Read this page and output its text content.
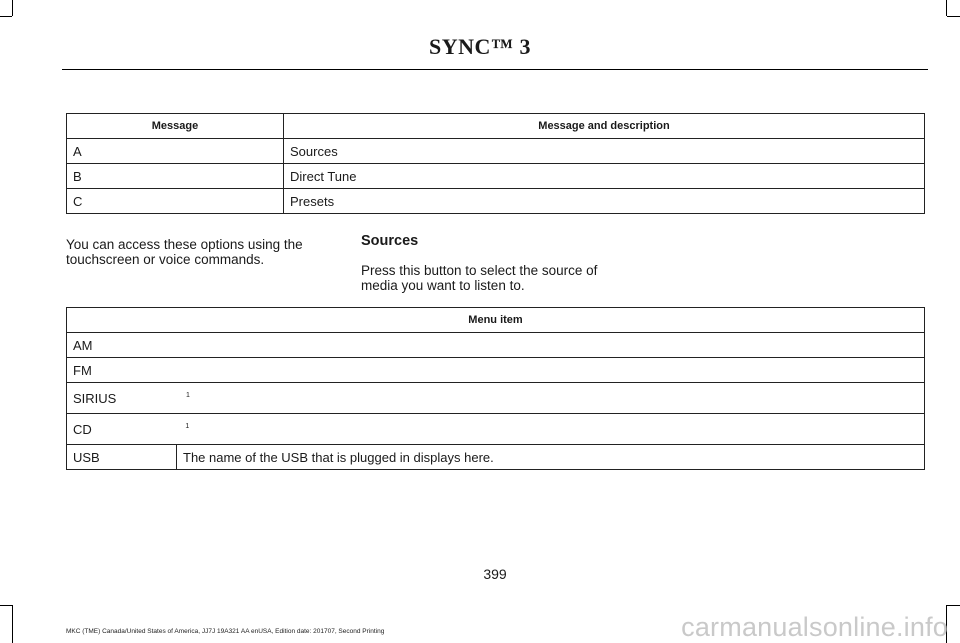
SYNC™ 3
Message	Message and description
A	Sources
B	Direct Tune
C	Presets
You can access these options using the touchscreen or voice commands.
Sources
Press this button to select the source of media you want to listen to.
Menu item
AM
FM
SIRIUS	$^1$
CD	$^1$
USB	The name of the USB that is plugged in displays here.
399
MKC (TME) Canada/United States of America, JJ7J 19A321 AA enUSA, Edition date: 201707, Second Printing	carmanualsonline.info
